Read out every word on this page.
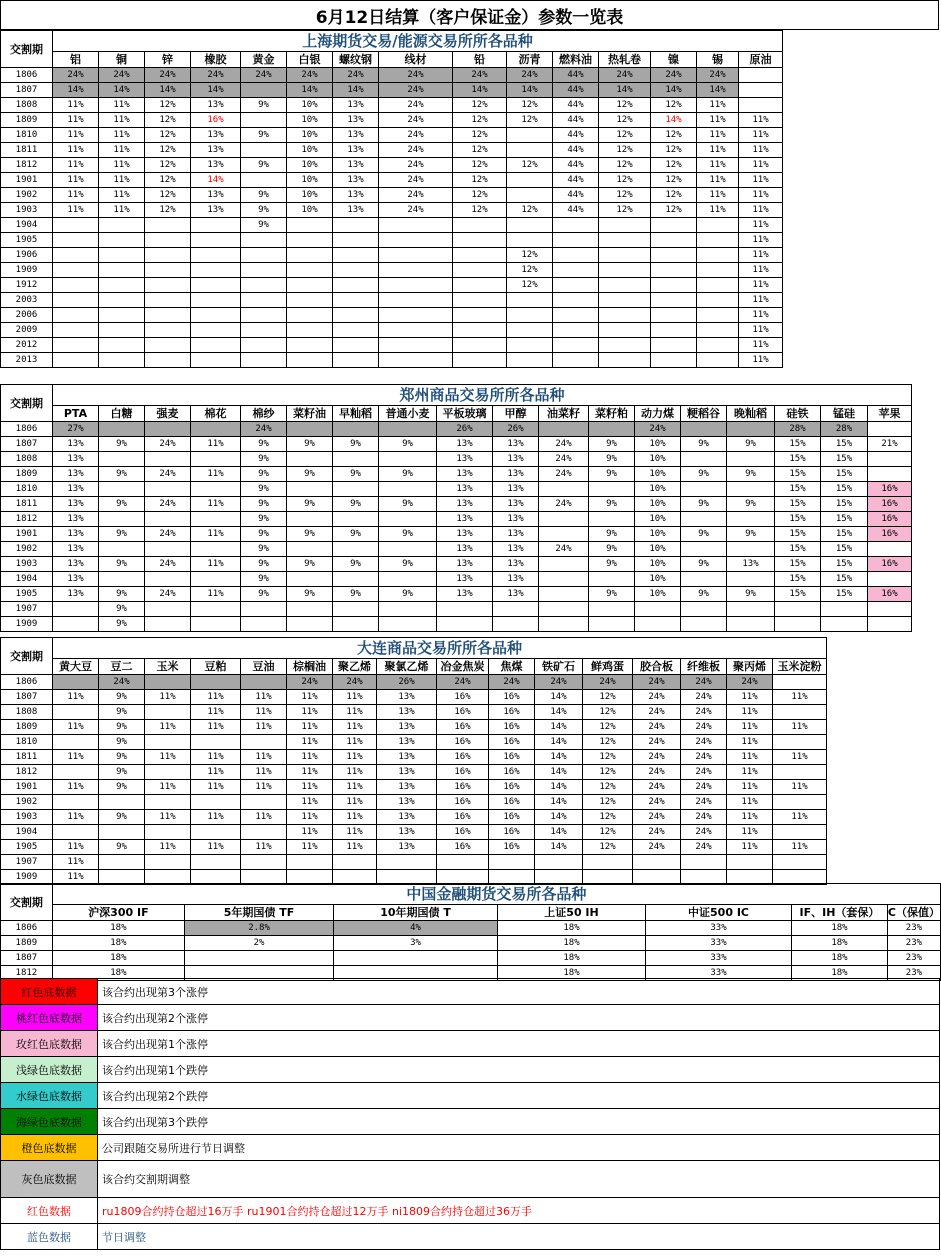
6月12日结算（客户保证金）参数一览表
交割期	上海期货交易/能源交易所所各品种														
	铝	铜	锌	橡胶	黄金	白银	螺纹钢	线材	铅	沥青	燃料油	热轧卷	镍	锡	原油
1806	24%	24%	24%	24%	24%	24%	24%	24%	24%	24%	44%	24%	24%	24%	
1807	14%	14%	14%	14%		14%	14%	24%	14%	14%	44%	14%	14%	14%	
1808	11%	11%	12%	13%	9%	10%	13%	24%	12%	12%	44%	12%	12%	11%	
1809	11%	11%	12%	16%		10%	13%	24%	12%	12%	44%	12%	14%	11%	11%
1810	11%	11%	12%	13%	9%	10%	13%	24%	12%		44%	12%	12%	11%	11%
1811	11%	11%	12%	13%		10%	13%	24%	12%		44%	12%	12%	11%	11%
1812	11%	11%	12%	13%	9%	10%	13%	24%	12%	12%	44%	12%	12%	11%	11%
1901	11%	11%	12%	14%		10%	13%	24%	12%		44%	12%	12%	11%	11%
1902	11%	11%	12%	13%	9%	10%	13%	24%	12%		44%	12%	12%	11%	11%
1903	11%	11%	12%	13%	9%	10%	13%	24%	12%	12%	44%	12%	12%	11%	11%
1904					9%										11%
1905															11%
1906										12%					11%
1909										12%					11%
1912										12%					11%
2003															11%
2006															11%
2009															11%
2012															11%
2013															11%
交割期	郑州商品交易所所各品种																	
	PTA	白糖	强麦	棉花	棉纱	菜籽油	早籼稻	普通小麦	平板玻璃	甲醇	油菜籽	菜籽粕	动力煤	粳稻谷	晚籼稻	硅铁	锰硅	苹果
1806	27%				24%				26%	26%			24%			28%	28%	
1807	13%	9%	24%	11%	9%	9%	9%	9%	13%	13%	24%	9%	10%	9%	9%	15%	15%	21%
1808	13%				9%				13%	13%	24%	9%	10%			15%	15%	
1809	13%	9%	24%	11%	9%	9%	9%	9%	13%	13%	24%	9%	10%	9%	9%	15%	15%	
1810	13%				9%				13%	13%			10%			15%	15%	16%
1811	13%	9%	24%	11%	9%	9%	9%	9%	13%	13%	24%	9%	10%	9%	9%	15%	15%	16%
1812	13%				9%				13%	13%			10%			15%	15%	16%
1901	13%	9%	24%	11%	9%	9%	9%	9%	13%	13%		9%	10%	9%	9%	15%	15%	16%
1902	13%				9%				13%	13%	24%	9%	10%			15%	15%	
1903	13%	9%	24%	11%	9%	9%	9%	9%	13%	13%		9%	10%	9%	13%	15%	15%	16%
1904	13%				9%				13%	13%			10%			15%	15%	
1905	13%	9%	24%	11%	9%	9%	9%	9%	13%	13%		9%	10%	9%	9%	15%	15%	16%
1907		9%																
1909		9%																
交割期	大连商品交易所所各品种															
	黄大豆	豆二	玉米	豆粕	豆油	棕榈油	聚乙烯	聚氯乙烯	冶金焦炭	焦煤	铁矿石	鲜鸡蛋	胶合板	纤维板	聚丙烯	玉米淀粉
1806		24%				24%	24%	26%	24%	24%	24%	24%	24%	24%	24%	
1807	11%	9%	11%	11%	11%	11%	11%	13%	16%	16%	14%	12%	24%	24%	11%	11%
1808		9%		11%	11%	11%	11%	13%	16%	16%	14%	12%	24%	24%	11%	
1809	11%	9%	11%	11%	11%	11%	11%	13%	16%	16%	14%	12%	24%	24%	11%	11%
1810		9%				11%	11%	13%	16%	16%	14%	12%	24%	24%	11%	
1811	11%	9%	11%	11%	11%	11%	11%	13%	16%	16%	14%	12%	24%	24%	11%	11%
1812		9%		11%	11%	11%	11%	13%	16%	16%	14%	12%	24%	24%	11%	
1901	11%	9%	11%	11%	11%	11%	11%	13%	16%	16%	14%	12%	24%	24%	11%	11%
1902						11%	11%	13%	16%	16%	14%	12%	24%	24%	11%	
1903	11%	9%	11%	11%	11%	11%	11%	13%	16%	16%	14%	12%	24%	24%	11%	11%
1904						11%	11%	13%	16%	16%	14%	12%	24%	24%	11%	
1905	11%	9%	11%	11%	11%	11%	11%	13%	16%	16%	14%	12%	24%	24%	11%	11%
1907	11%															
1909	11%															
交割期	中国金融期货交易所各品种						
	沪深300 IF	5年期国债 TF	10年期国债 T	上证50 IH	中证500 IC	IF、IH（套保）	C（保值）
1806	18%	2.8%	4%	18%	33%	18%	23%
1809	18%	2%	3%	18%	33%	18%	23%
1807	18%			18%	33%	18%	23%
1812	18%			18%	33%	18%	23%
红色底数据	该合约出现第3个涨停
桃红色底数据	该合约出现第2个涨停
玫红色底数据	该合约出现第1个涨停
浅绿色底数据	该合约出现第1个跌停
水绿色底数据	该合约出现第2个跌停
海绿色底数据	该合约出现第3个跌停
橙色底数据	公司跟随交易所进行节日调整
灰色底数据	该合约交割期调整
红色数据	ru1809合约持仓超过16万手 ru1901合约持仓超过12万手 ni1809合约持仓超过36万手
蓝色数据	节日调整
